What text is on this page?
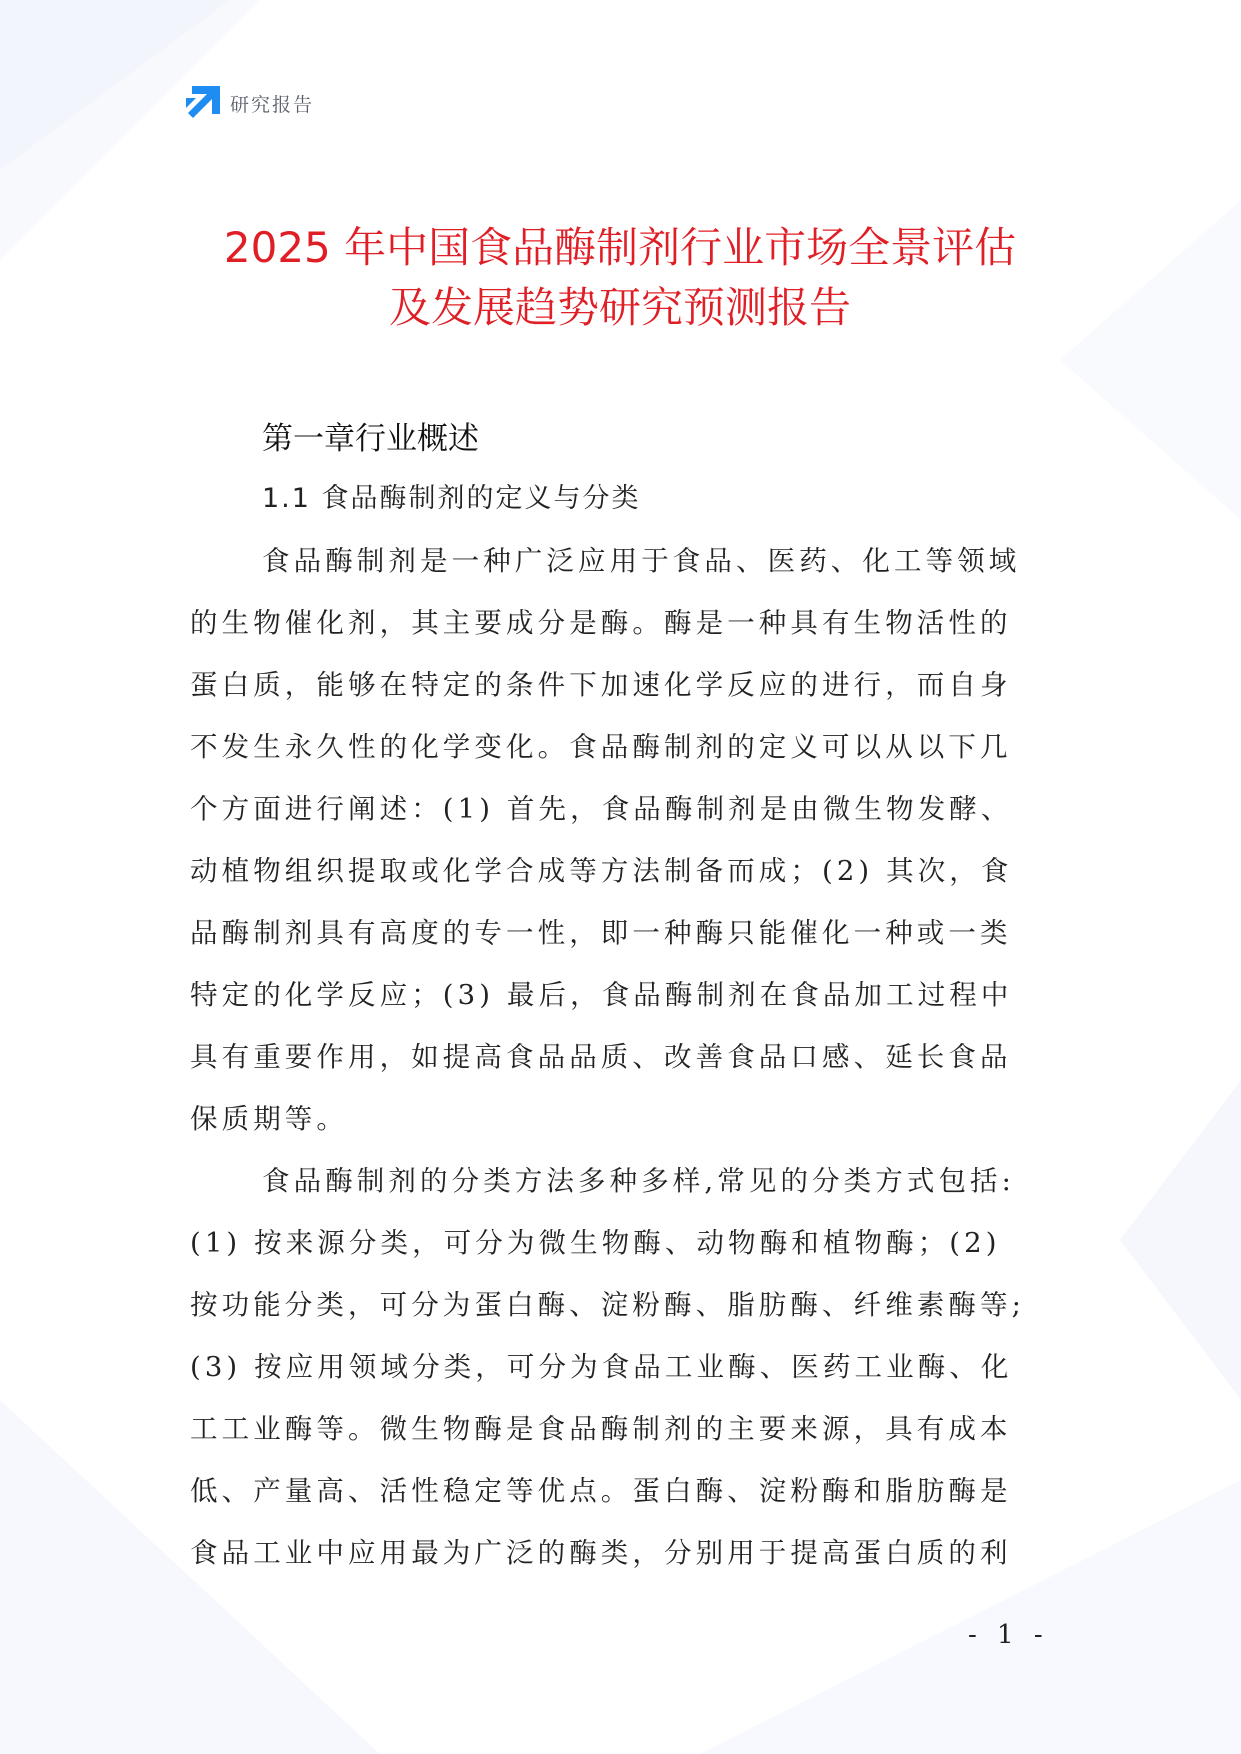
研究报告
2025 年中国食品酶制剂行业市场全景评估
及发展趋势研究预测报告
第一章行业概述
1.1 食品酶制剂的定义与分类

食品酶制剂是一种广泛应用于食品、医药、化工等领域
的生物催化剂，其主要成分是酶。酶是一种具有生物活性的
蛋白质，能够在特定的条件下加速化学反应的进行，而自身
不发生永久性的化学变化。食品酶制剂的定义可以从以下几
个方面进行阐述：(1) 首先，食品酶制剂是由微生物发酵、
动植物组织提取或化学合成等方法制备而成；(2) 其次，食
品酶制剂具有高度的专一性，即一种酶只能催化一种或一类
特定的化学反应；(3) 最后，食品酶制剂在食品加工过程中
具有重要作用，如提高食品品质、改善食品口感、延长食品
保质期等。

食品酶制剂的分类方法多种多样,常见的分类方式包括:
(1) 按来源分类，可分为微生物酶、动物酶和植物酶；(2)
按功能分类，可分为蛋白酶、淀粉酶、脂肪酶、纤维素酶等;
(3) 按应用领域分类，可分为食品工业酶、医药工业酶、化
工工业酶等。微生物酶是食品酶制剂的主要来源，具有成本
低、产量高、活性稳定等优点。蛋白酶、淀粉酶和脂肪酶是
食品工业中应用最为广泛的酶类，分别用于提高蛋白质的利

- 1 -
